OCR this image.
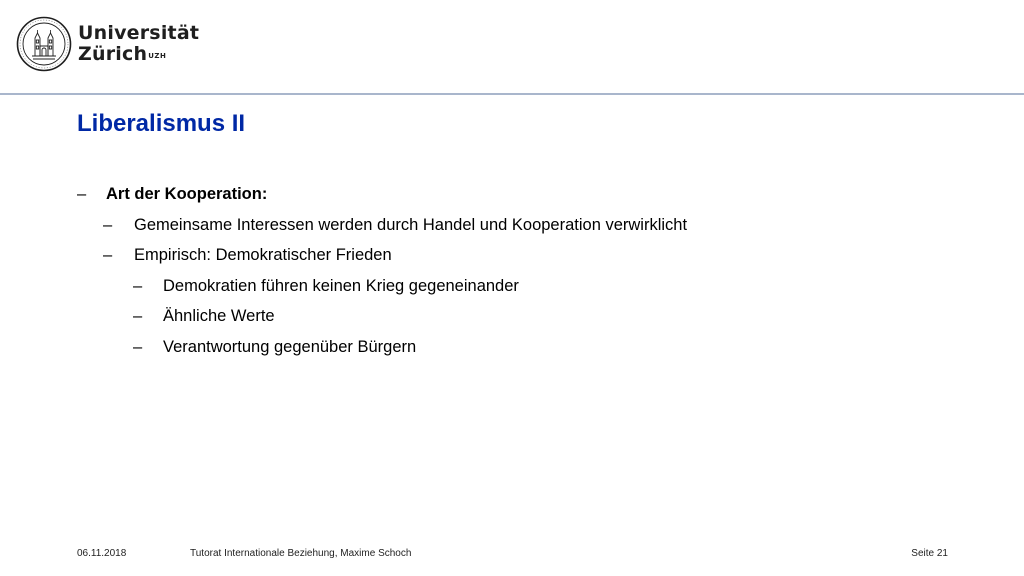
Universität
Zürich$^{UZH}$
Liberalismus II
– Art der Kooperation:
– Gemeinsame Interessen werden durch Handel und Kooperation verwirklicht
– Empirisch: Demokratischer Frieden
– Demokratien führen keinen Krieg gegeneinander
– Ähnliche Werte
– Verantwortung gegenüber Bürgern
06.11.2018	Tutorat Internationale Beziehung, Maxime Schoch	Seite 21
